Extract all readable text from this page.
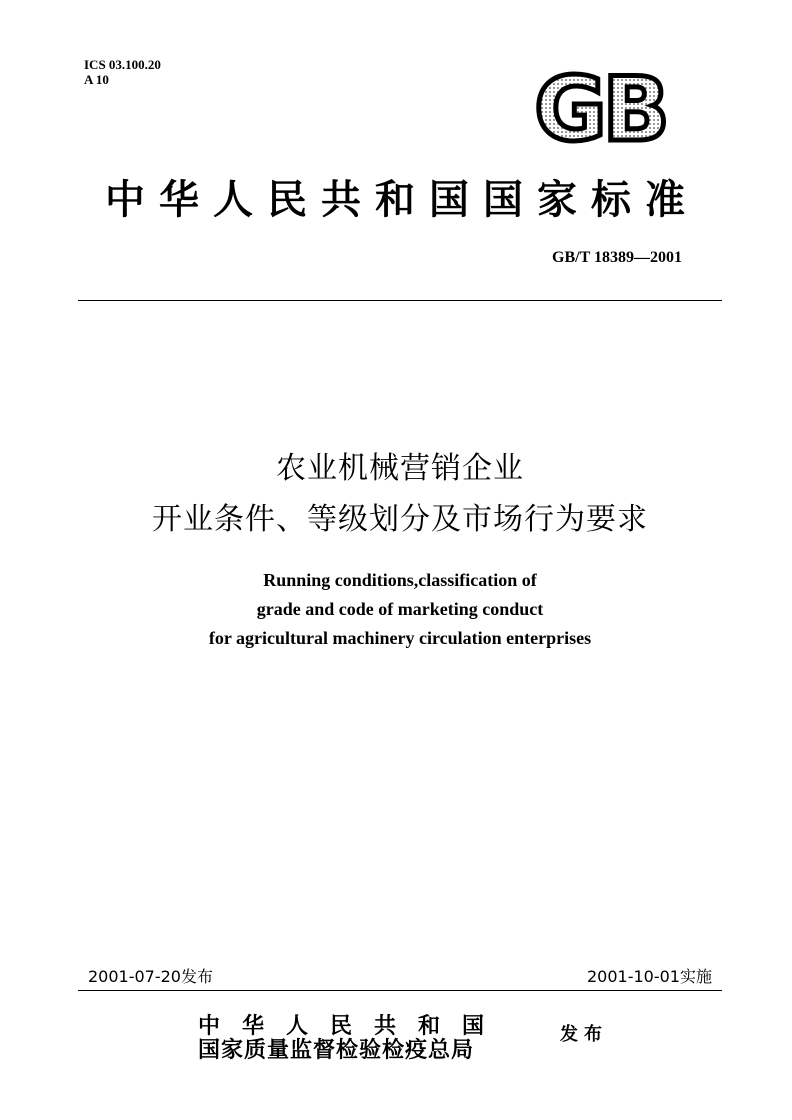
ICS 03.100.20
A 10	GB
中华人民共和国国家标准
GB/T 18389—2001
农业机械营销企业
开业条件、等级划分及市场行为要求
Running conditions,classification of
grade and code of marketing conduct
for agricultural machinery circulation enterprises
2001-07-20发布	2001-10-01实施
中华人民共和国
国家质量监督检验检疫总局
发布
